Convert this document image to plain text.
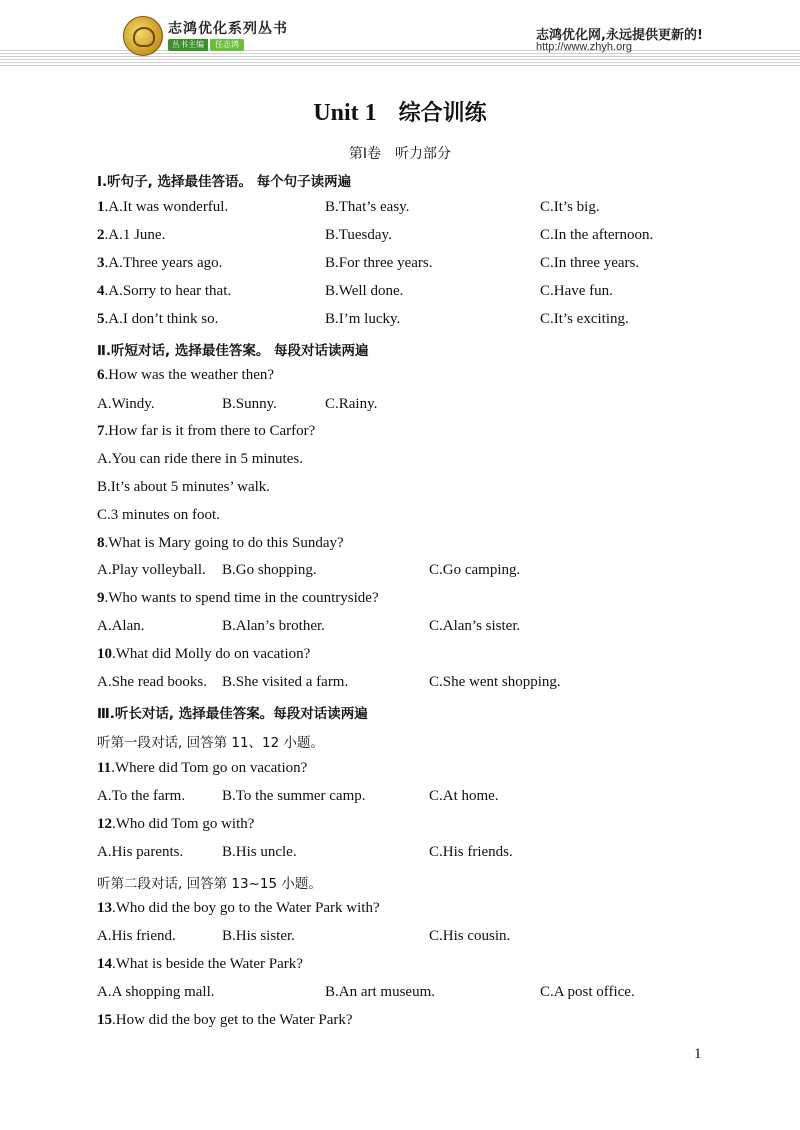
志鸿优化系列丛书
丛书主编	任志鸿
志鸿优化网,永远提供更新的!
http://www.zhyh.org
Unit 1 综合训练
第Ⅰ卷　听力部分
Ⅰ.听句子, 选择最佳答语。 每个句子读两遍
1.A.It was wonderful.	B.That’s easy.	C.It’s big.
2.A.1 June.	B.Tuesday.	C.In the afternoon.
3.A.Three years ago.	B.For three years.	C.In three years.
4.A.Sorry to hear that.	B.Well done.	C.Have fun.
5.A.I don’t think so.	B.I’m lucky.	C.It’s exciting.
Ⅱ.听短对话, 选择最佳答案。 每段对话读两遍
6.How was the weather then?
A.Windy.	B.Sunny.	C.Rainy.
7.How far is it from there to Carfor?
A.You can ride there in 5 minutes.
B.It’s about 5 minutes’ walk.
C.3 minutes on foot.
8.What is Mary going to do this Sunday?
A.Play volleyball. B.Go shopping.	C.Go camping.
9.Who wants to spend time in the countryside?
A.Alan.	B.Alan’s brother.	C.Alan’s sister.
10.What did Molly do on vacation?
A.She read books. B.She visited a farm.	C.She went shopping.
Ⅲ.听长对话, 选择最佳答案。每段对话读两遍
听第一段对话, 回答第 11、12 小题。
11.Where did Tom go on vacation?
A.To the farm. B.To the summer camp.	C.At home.
12.Who did Tom go with?
A.His parents.	B.His uncle.	C.His friends.
听第二段对话, 回答第 13~15 小题。
13.Who did the boy go to the Water Park with?
A.His friend.	B.His sister.	C.His cousin.
14.What is beside the Water Park?
A.A shopping mall.	B.An art museum.	C.A post office.
15.How did the boy get to the Water Park?
1
